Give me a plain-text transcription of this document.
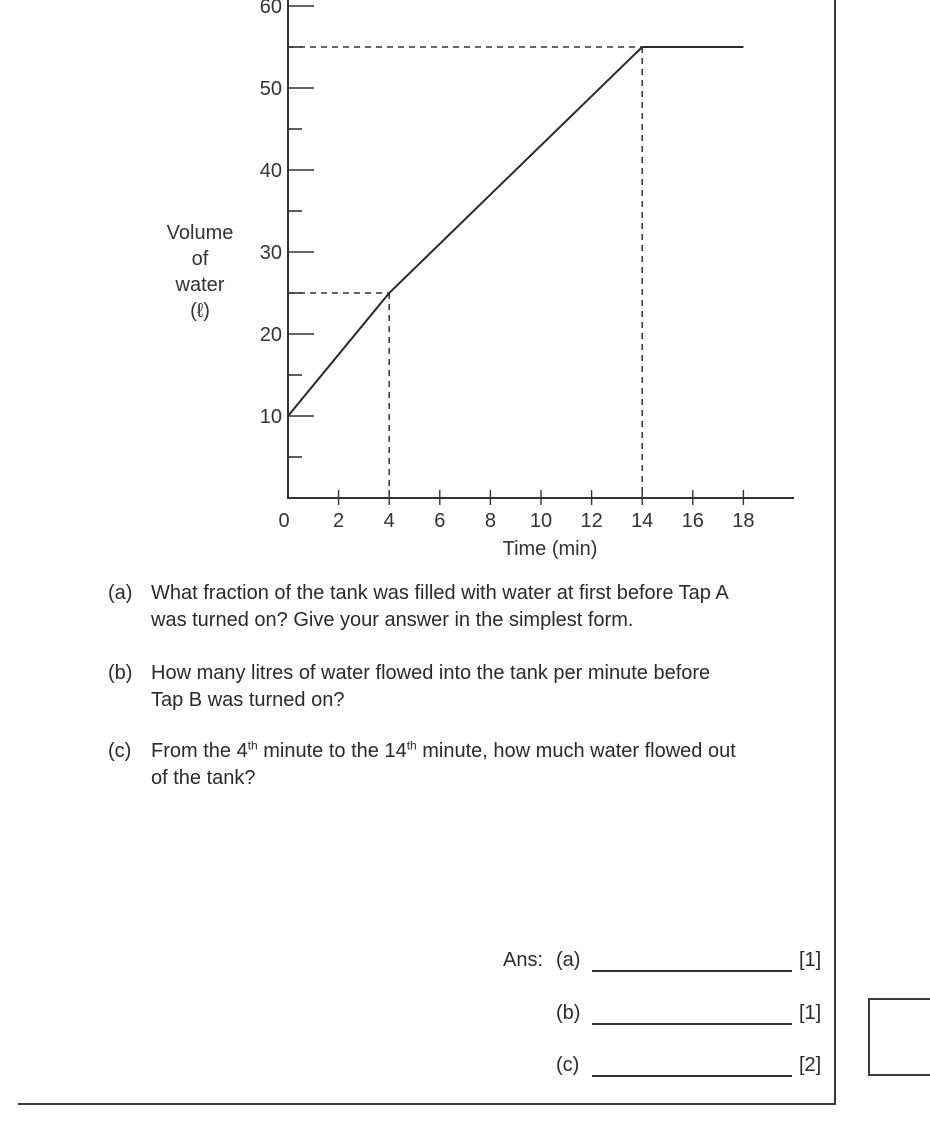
10
20
30
40
50
60
0 2 4 6 8 10 12 14 16 18
Volume
of
water
(ℓ)
Time (min)
(a) What fraction of the tank was filled with water at first before Tap A
was turned on? Give your answer in the simplest form.
(b) How many litres of water flowed into the tank per minute before
Tap B was turned on?
(c) From the 4th minute to the 14th minute, how much water flowed out
of the tank?
Ans: (a)	[1]
(b)	[1]
(c)	[2]
